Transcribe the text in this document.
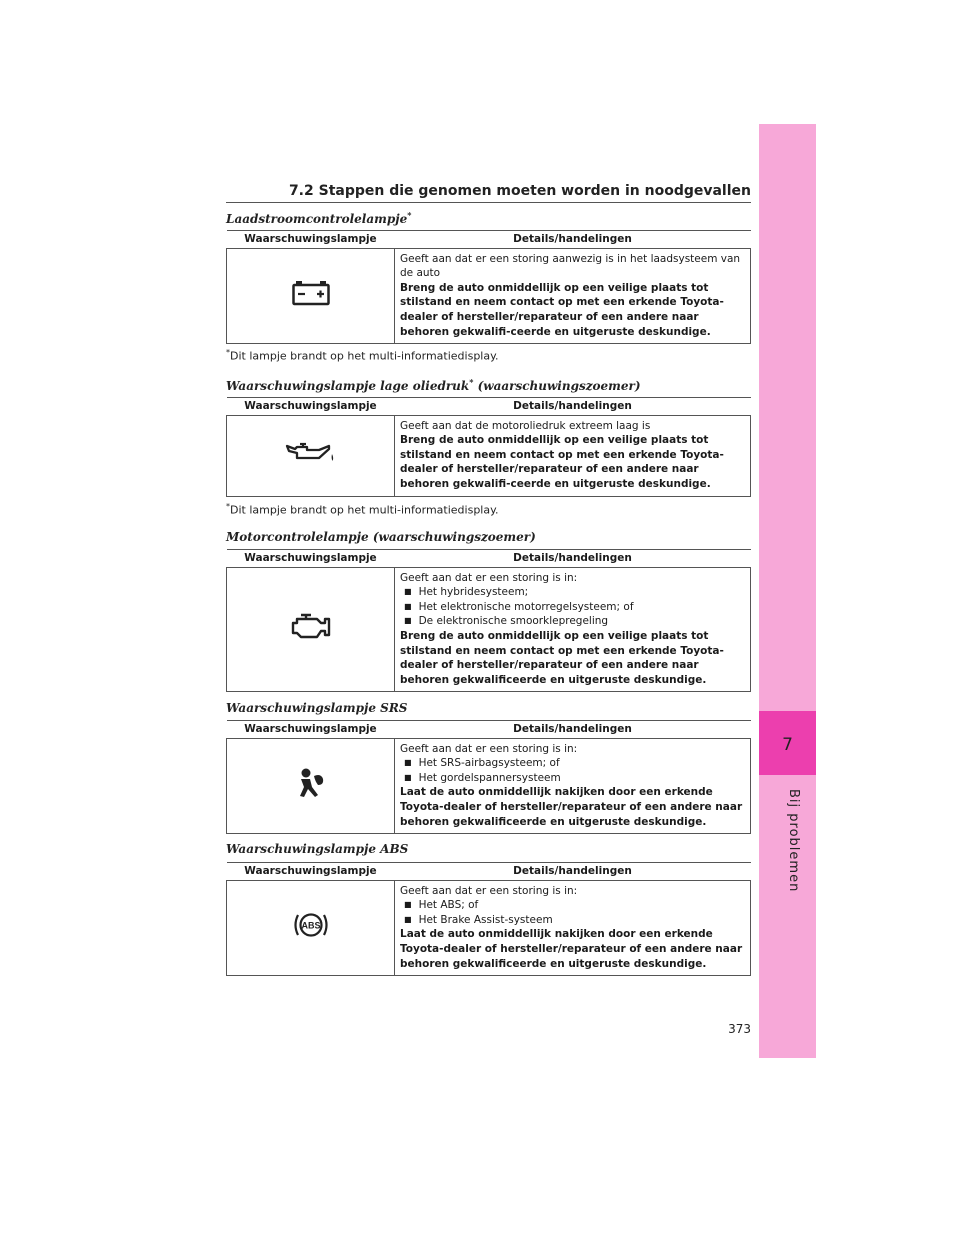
7
Bij problemen
7.2 Stappen die genomen moeten worden in noodgevallen
Laadstroomcontrolelampje*
Waarschuwingslampje	Details/handelingen

Geeft aan dat er een storing aanwezig is in het laadsysteem van de auto
Breng de auto onmiddellijk op een veilige plaats tot stilstand en neem contact op met een erkende Toyota-dealer of hersteller/reparateur of een andere naar behoren gekwalifi-ceerde en uitgeruste deskundige.
*Dit lampje brandt op het multi-informatiedisplay.
Waarschuwingslampje lage oliedruk* (waarschuwingszoemer)
Waarschuwingslampje	Details/handelingen

Geeft aan dat de motoroliedruk extreem laag is
Breng de auto onmiddellijk op een veilige plaats tot stilstand en neem contact op met een erkende Toyota-dealer of hersteller/reparateur of een andere naar behoren gekwalifi-ceerde en uitgeruste deskundige.
*Dit lampje brandt op het multi-informatiedisplay.
Motorcontrolelampje (waarschuwingszoemer)
Waarschuwingslampje	Details/handelingen

Geeft aan dat er een storing is in:
■ Het hybridesysteem;
■ Het elektronische motorregelsysteem; of
■ De elektronische smoorklepregeling
Breng de auto onmiddellijk op een veilige plaats tot stilstand en neem contact op met een erkende Toyota-dealer of hersteller/reparateur of een andere naar behoren gekwalificeerde en uitgeruste deskundige.
Waarschuwingslampje SRS
Waarschuwingslampje	Details/handelingen

Geeft aan dat er een storing is in:
■ Het SRS-airbagsysteem; of
■ Het gordelspannersysteem
Laat de auto onmiddellijk nakijken door een erkende Toyota-dealer of hersteller/reparateur of een andere naar behoren gekwalificeerde en uitgeruste deskundige.
Waarschuwingslampje ABS
Waarschuwingslampje	Details/handelingen

ABS	Geeft aan dat er een storing is in:
■ Het ABS; of
■ Het Brake Assist-systeem
Laat de auto onmiddellijk nakijken door een erkende Toyota-dealer of hersteller/reparateur of een andere naar behoren gekwalificeerde en uitgeruste deskundige.
373
